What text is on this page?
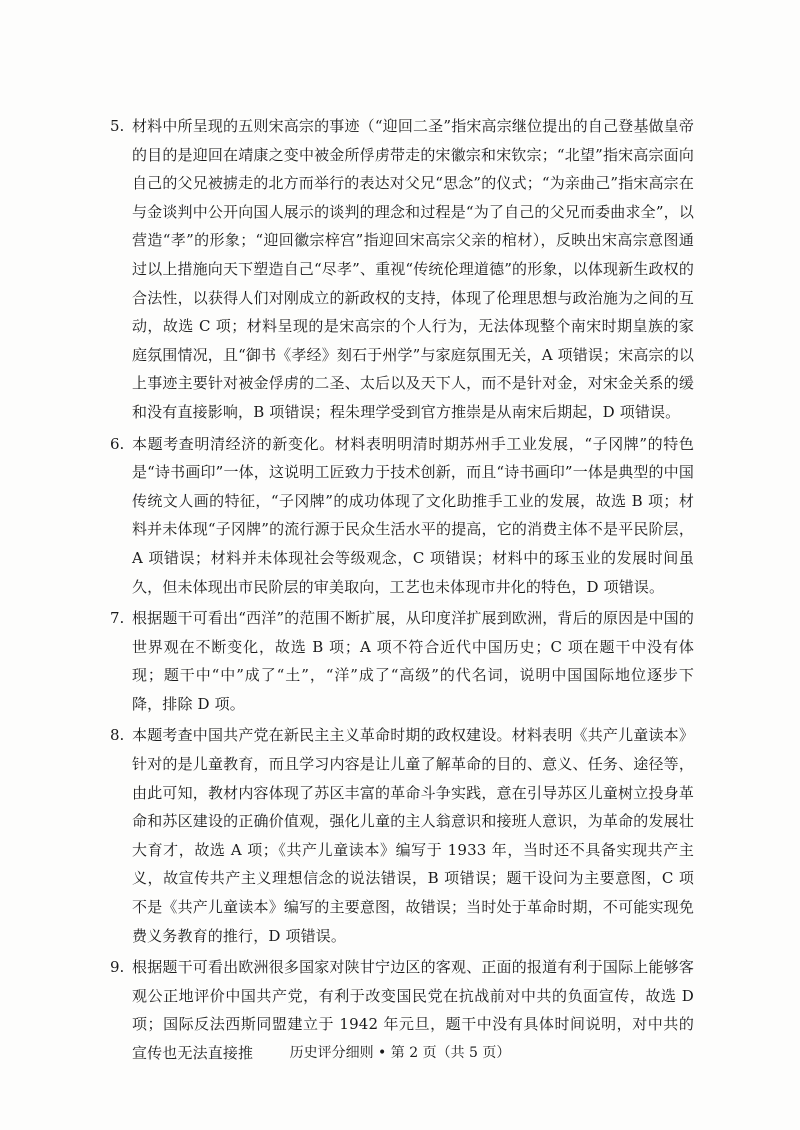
5. 材料中所呈现的五则宋高宗的事迹（“迎回二圣”指宋高宗继位提出的自己登基做皇帝的目的是迎回在靖康之变中被金所俘虏带走的宋徽宗和宋钦宗；“北望”指宋高宗面向自己的父兄被掳走的北方而举行的表达对父兄“思念”的仪式；“为亲曲己”指宋高宗在与金谈判中公开向国人展示的谈判的理念和过程是“为了自己的父兄而委曲求全”，以营造“孝”的形象；“迎回徽宗梓宫”指迎回宋高宗父亲的棺材），反映出宋高宗意图通过以上措施向天下塑造自己“尽孝”、重视“传统伦理道德”的形象，以体现新生政权的合法性，以获得人们对刚成立的新政权的支持，体现了伦理思想与政治施为之间的互动，故选 C 项；材料呈现的是宋高宗的个人行为，无法体现整个南宋时期皇族的家庭氛围情况，且“御书《孝经》刻石于州学”与家庭氛围无关，A 项错误；宋高宗的以上事迹主要针对被金俘虏的二圣、太后以及天下人，而不是针对金，对宋金关系的缓和没有直接影响，B 项错误；程朱理学受到官方推崇是从南宋后期起，D 项错误。
6. 本题考查明清经济的新变化。材料表明明清时期苏州手工业发展，“子冈牌”的特色是“诗书画印”一体，这说明工匠致力于技术创新，而且“诗书画印”一体是典型的中国传统文人画的特征，“子冈牌”的成功体现了文化助推手工业的发展，故选 B 项；材料并未体现“子冈牌”的流行源于民众生活水平的提高，它的消费主体不是平民阶层，A 项错误；材料并未体现社会等级观念，C 项错误；材料中的琢玉业的发展时间虽久，但未体现出市民阶层的审美取向，工艺也未体现市井化的特色，D 项错误。
7. 根据题干可看出“西洋”的范围不断扩展，从印度洋扩展到欧洲，背后的原因是中国的世界观在不断变化，故选 B 项；A 项不符合近代中国历史；C 项在题干中没有体现；题干中“中”成了“土”，“洋”成了“高级”的代名词，说明中国国际地位逐步下降，排除 D 项。
8. 本题考查中国共产党在新民主主义革命时期的政权建设。材料表明《共产儿童读本》针对的是儿童教育，而且学习内容是让儿童了解革命的目的、意义、任务、途径等，由此可知，教材内容体现了苏区丰富的革命斗争实践，意在引导苏区儿童树立投身革命和苏区建设的正确价值观，强化儿童的主人翁意识和接班人意识，为革命的发展壮大育才，故选 A 项；《共产儿童读本》编写于 1933 年，当时还不具备实现共产主义，故宣传共产主义理想信念的说法错误，B 项错误；题干设问为主要意图，C 项不是《共产儿童读本》编写的主要意图，故错误；当时处于革命时期，不可能实现免费义务教育的推行，D 项错误。
9. 根据题干可看出欧洲很多国家对陕甘宁边区的客观、正面的报道有利于国际上能够客观公正地评价中国共产党，有利于改变国民党在抗战前对中共的负面宣传，故选 D 项；国际反法西斯同盟建立于 1942 年元旦，题干中没有具体时间说明，对中共的宣传也无法直接推	历史评分细则 • 第 2 页（共 5 页）
